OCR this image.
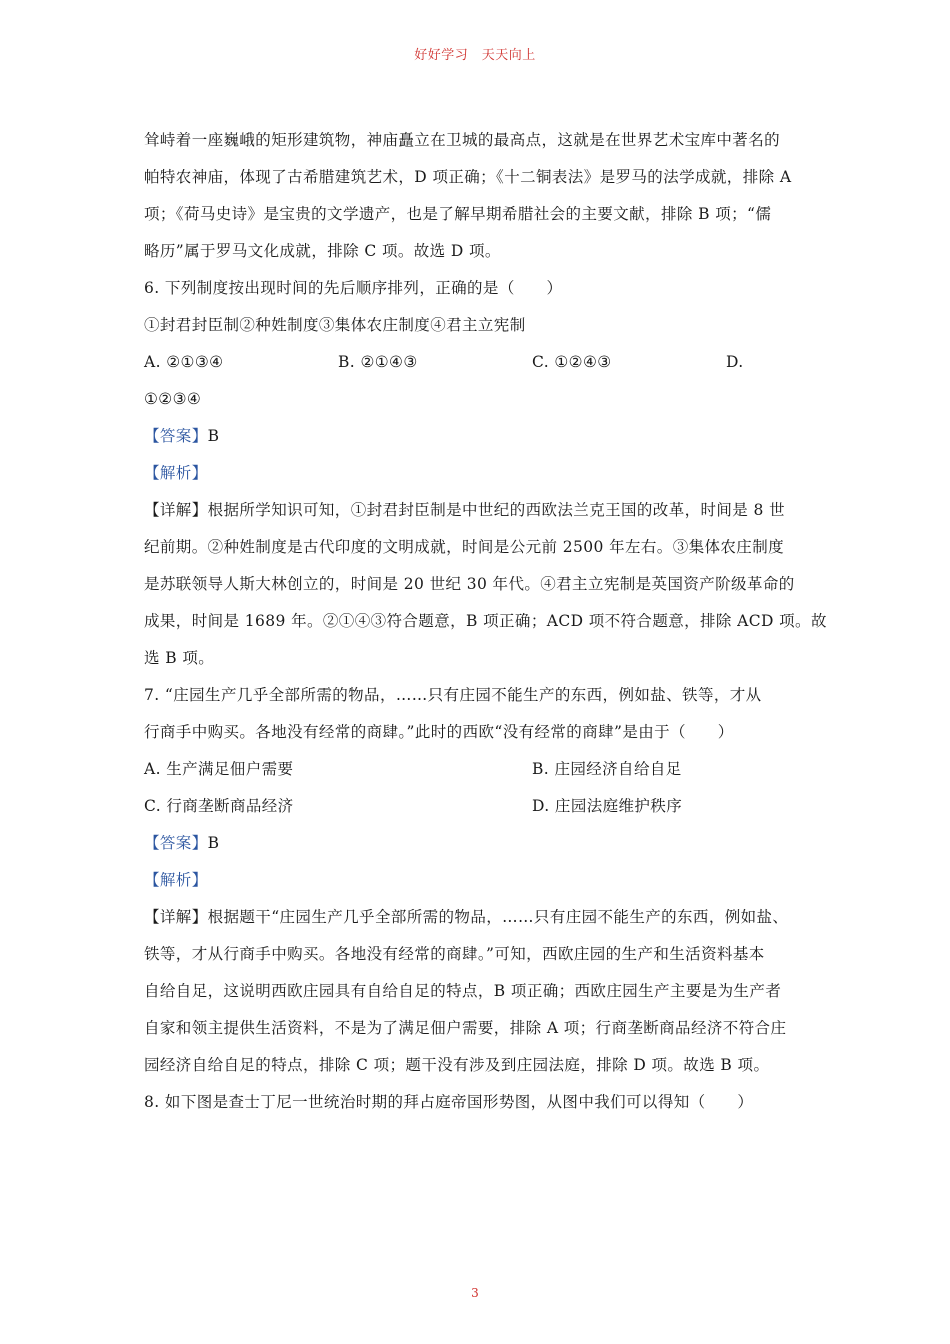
好好学习　天天向上
耸峙着一座巍峨的矩形建筑物，神庙矗立在卫城的最高点，这就是在世界艺术宝库中著名的
帕特农神庙，体现了古希腊建筑艺术，D 项正确；《十二铜表法》是罗马的法学成就，排除 A
项；《荷马史诗》是宝贵的文学遗产，也是了解早期希腊社会的主要文献，排除 B 项；“儒
略历”属于罗马文化成就，排除 C 项。故选 D 项。
6. 下列制度按出现时间的先后顺序排列，正确的是（　　）
①封君封臣制②种姓制度③集体农庄制度④君主立宪制
A. ②①③④	B. ②①④③	C. ①②④③	D.
①②③④
【答案】B
【解析】
【详解】根据所学知识可知，①封君封臣制是中世纪的西欧法兰克王国的改革，时间是 8 世
纪前期。②种姓制度是古代印度的文明成就，时间是公元前 2500 年左右。③集体农庄制度
是苏联领导人斯大林创立的，时间是 20 世纪 30 年代。④君主立宪制是英国资产阶级革命的
成果，时间是 1689 年。②①④③符合题意，B 项正确；ACD 项不符合题意，排除 ACD 项。故
选 B 项。
7. “庄园生产几乎全部所需的物品，……只有庄园不能生产的东西，例如盐、铁等，才从
行商手中购买。各地没有经常的商肆。”此时的西欧“没有经常的商肆”是由于（　　）
A. 生产满足佃户需要	B. 庄园经济自给自足
C. 行商垄断商品经济	D. 庄园法庭维护秩序
【答案】B
【解析】
【详解】根据题干“庄园生产几乎全部所需的物品，……只有庄园不能生产的东西，例如盐、
铁等，才从行商手中购买。各地没有经常的商肆。”可知，西欧庄园的生产和生活资料基本
自给自足，这说明西欧庄园具有自给自足的特点，B 项正确；西欧庄园生产主要是为生产者
自家和领主提供生活资料，不是为了满足佃户需要，排除 A 项；行商垄断商品经济不符合庄
园经济自给自足的特点，排除 C 项；题干没有涉及到庄园法庭，排除 D 项。故选 B 项。
8. 如下图是查士丁尼一世统治时期的拜占庭帝国形势图，从图中我们可以得知（　　）
3
